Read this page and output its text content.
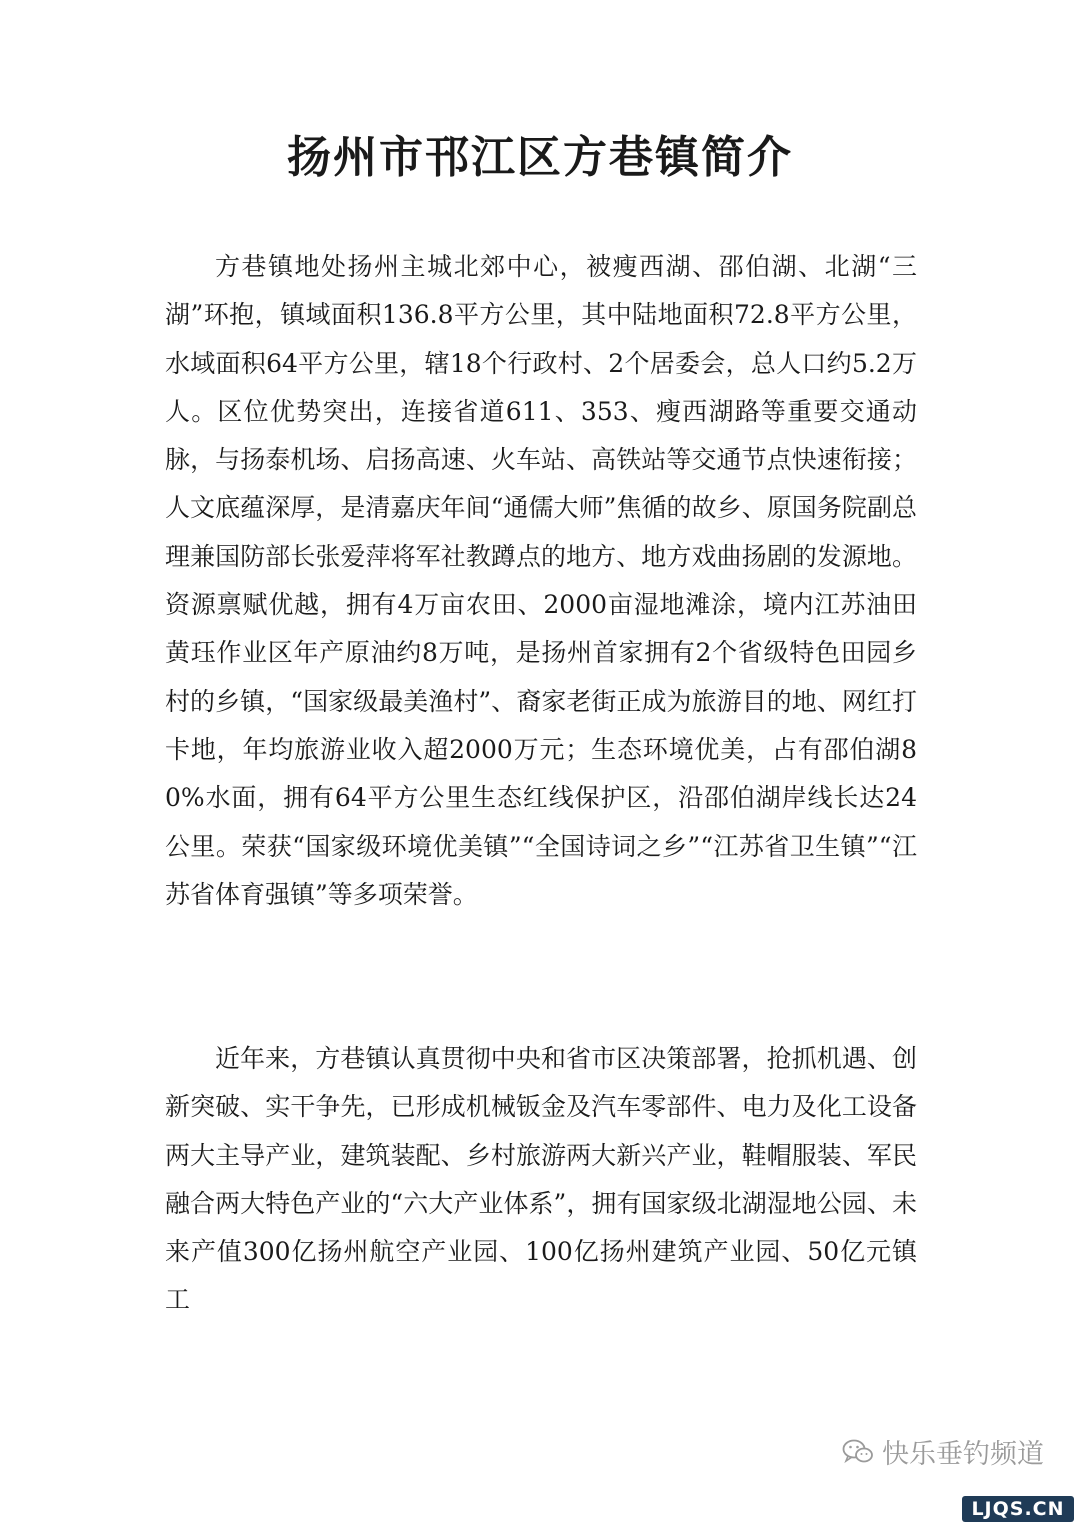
扬州市邗江区方巷镇简介

方巷镇地处扬州主城北郊中心，被瘦西湖、邵伯湖、北湖“三湖”环抱，镇域面积136.8平方公里，其中陆地面积72.8平方公里，水域面积64平方公里，辖18个行政村、2个居委会，总人口约5.2万人。区位优势突出，连接省道611、353、瘦西湖路等重要交通动脉，与扬泰机场、启扬高速、火车站、高铁站等交通节点快速衔接；人文底蕴深厚，是清嘉庆年间“通儒大师”焦循的故乡、原国务院副总理兼国防部长张爱萍将军社教蹲点的地方、地方戏曲扬剧的发源地。资源禀赋优越，拥有4万亩农田、2000亩湿地滩涂，境内江苏油田黄珏作业区年产原油约8万吨，是扬州首家拥有2个省级特色田园乡村的乡镇，“国家级最美渔村”、裔家老街正成为旅游目的地、网红打卡地，年均旅游业收入超2000万元；生态环境优美，占有邵伯湖80%水面，拥有64平方公里生态红线保护区，沿邵伯湖岸线长达24公里。荣获“国家级环境优美镇”“全国诗词之乡”“江苏省卫生镇”“江苏省体育强镇”等多项荣誉。

近年来，方巷镇认真贯彻中央和省市区决策部署，抢抓机遇、创新突破、实干争先，已形成机械钣金及汽车零部件、电力及化工设备两大主导产业，建筑装配、乡村旅游两大新兴产业，鞋帽服装、军民融合两大特色产业的“六大产业体系”，拥有国家级北湖湿地公园、未来产值300亿扬州航空产业园、100亿扬州建筑产业园、50亿元镇工

快乐垂钓频道
LJQS.CN
